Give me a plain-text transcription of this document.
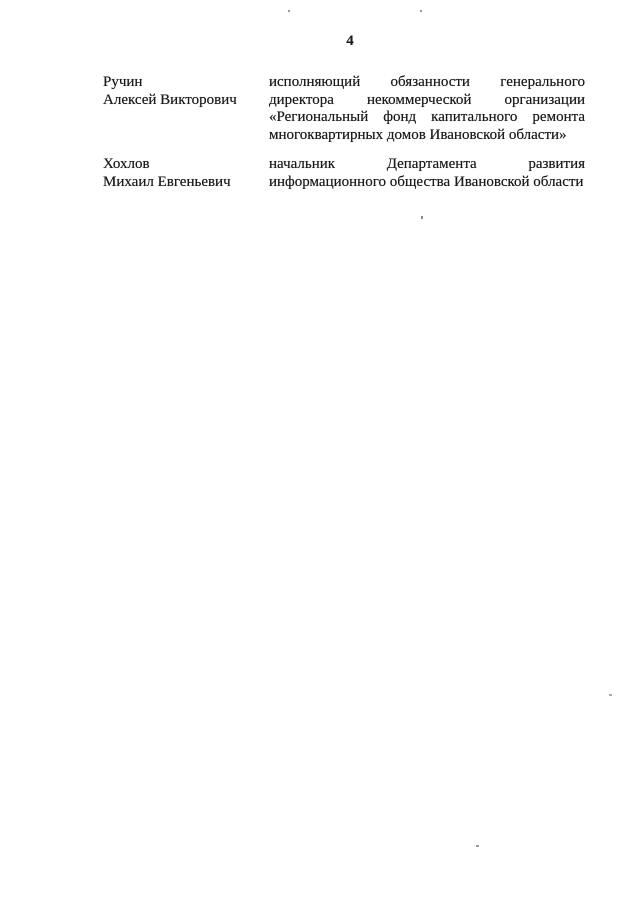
4
Ручин
Алексей Викторович
исполняющий обязанности генерального
директора некоммерческой организации
«Региональный фонд капитального ремонта
многоквартирных домов Ивановской области»
Хохлов
Михаил Евгеньевич
начальник Департамента развития
информационного общества Ивановской области
